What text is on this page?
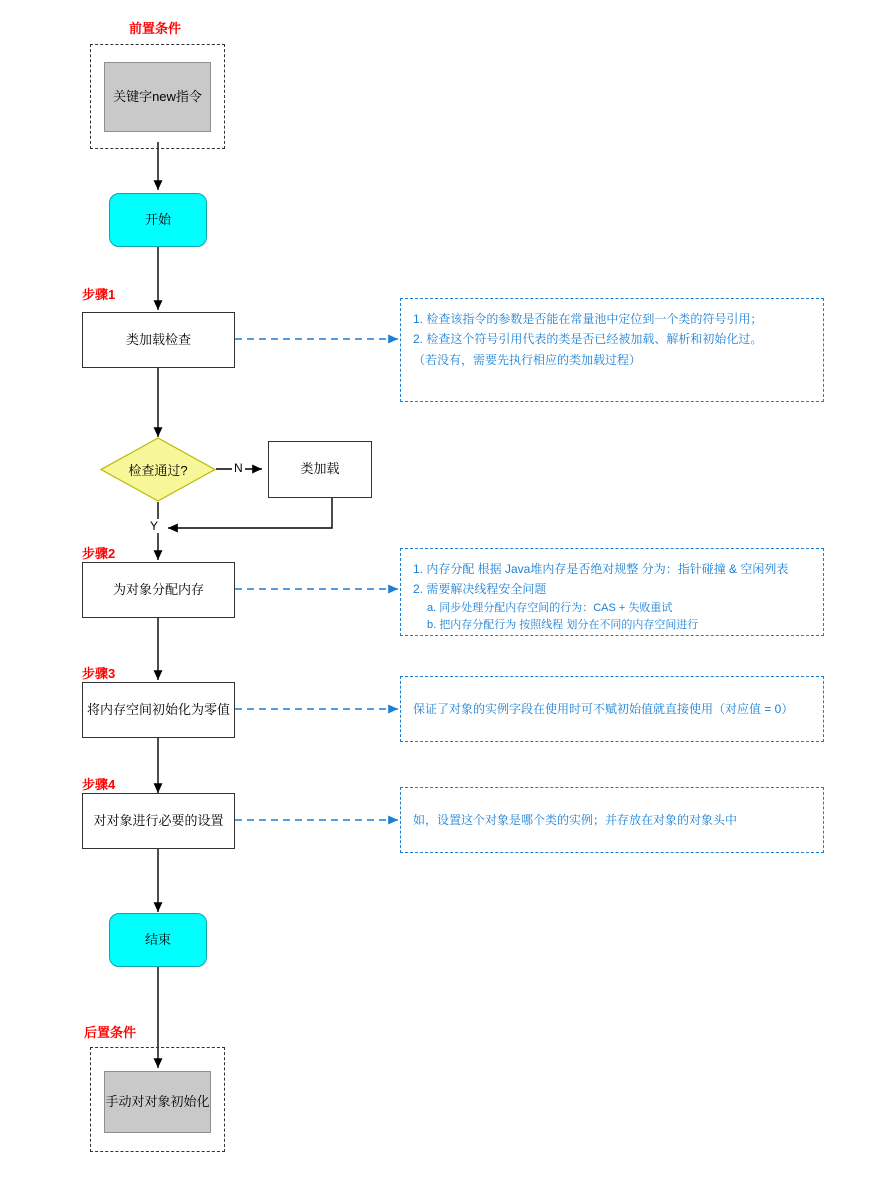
前置条件
关键字new指令
开始
步骤1
类加载检查
1. 检查该指令的参数是否能在常量池中定位到一个类的符号引用；
2. 检查这个符号引用代表的类是否已经被加载、解析和初始化过。
（若没有，需要先执行相应的类加载过程）
检查通过?	N
Y
类加载
步骤2
为对象分配内存
1. 内存分配 根据 Java堆内存是否绝对规整 分为：指针碰撞 & 空闲列表
2. 需要解决线程安全问题
a. 同步处理分配内存空间的行为：CAS + 失败重试
b. 把内存分配行为 按照线程 划分在不同的内存空间进行
步骤3
将内存空间初始化为零值	保证了对象的实例字段在使用时可不赋初始值就直接使用（对应值 = 0）
步骤4
对对象进行必要的设置	如，设置这个对象是哪个类的实例；并存放在对象的对象头中
结束
后置条件
手动对对象初始化
